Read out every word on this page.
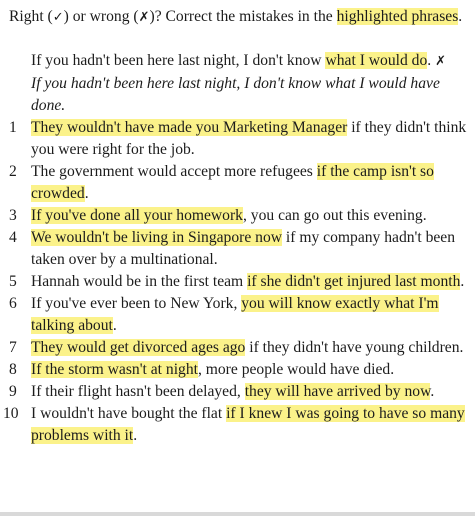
Right (✓) or wrong (✗)? Correct the mistakes in the highlighted phrases.
If you hadn't been here last night, I don't know what I would do. ✗
If you hadn't been here last night, I don't know what I would have done.
1 They wouldn't have made you Marketing Manager if they didn't think you were right for the job.
2 The government would accept more refugees if the camp isn't so crowded.
3 If you've done all your homework, you can go out this evening.
4 We wouldn't be living in Singapore now if my company hadn't been taken over by a multinational.
5 Hannah would be in the first team if she didn't get injured last month.
6 If you've ever been to New York, you will know exactly what I'm talking about.
7 They would get divorced ages ago if they didn't have young children.
8 If the storm wasn't at night, more people would have died.
9 If their flight hasn't been delayed, they will have arrived by now.
10 I wouldn't have bought the flat if I knew I was going to have so many problems with it.
